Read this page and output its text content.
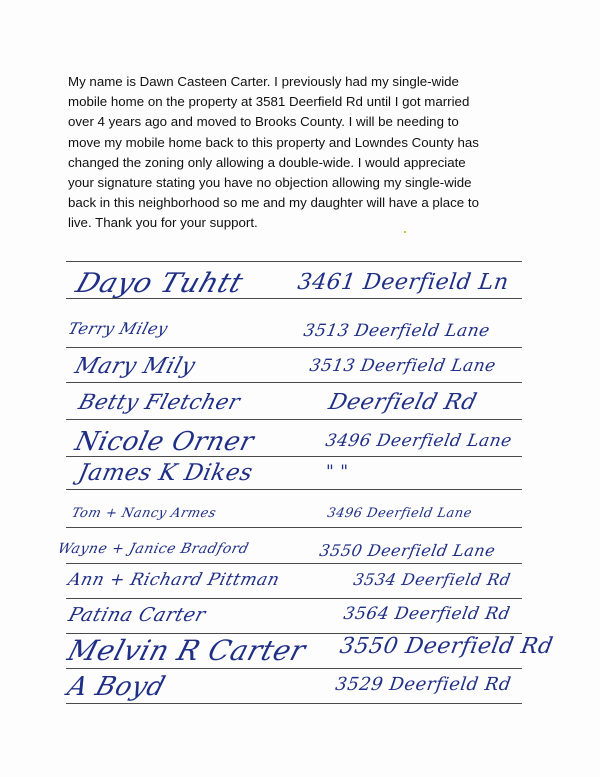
My name is Dawn Casteen Carter. I previously had my single-wide

mobile home on the property at 3581 Deerfield Rd until I got married

over 4 years ago and moved to Brooks County. I will be needing to

move my mobile home back to this property and Lowndes County has

changed the zoning only allowing a double-wide. I would appreciate

your signature stating you have no objection allowing my single-wide

back in this neighborhood so me and my daughter will have a place to

live. Thank you for your support.

Dayo Tuhtt 3461 Deerfield Ln
Terry Miley	3513 Deerfield Lane
Mary Mily	3513 Deerfield Lane
Betty Fletcher	Deerfield Rd
Nicole Orner	3496 Deerfield Lane
James K Dikes	" "
Tom + Nancy Armes	3496 Deerfield Lane
Wayne + Janice Bradford	3550 Deerfield Lane
Ann + Richard Pittman	3534 Deerfield Rd
Patina Carter	3564 Deerfield Rd
Melvin R Carter 3550 Deerfield Rd
A Boyd	3529 Deerfield Rd
